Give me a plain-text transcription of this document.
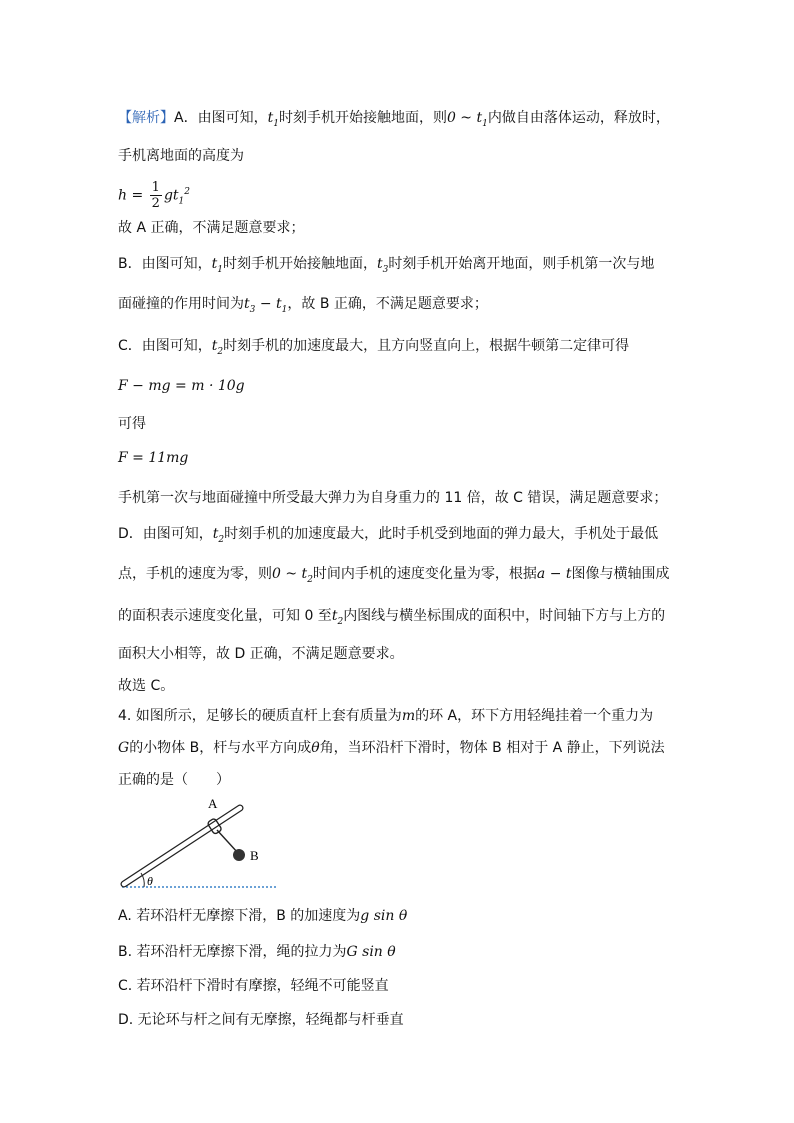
【解析】A．由图可知，$t_1$时刻手机开始接触地面，则0 ~ $t_1$内做自由落体运动，释放时，
手机离地面的高度为
$h = \frac{1}{2} gt_1^2$
故 A 正确，不满足题意要求；
B．由图可知，$t_1$时刻手机开始接触地面，$t_3$时刻手机开始离开地面，则手机第一次与地
面碰撞的作用时间为$t_3 - t_1$，故 B 正确，不满足题意要求；
C．由图可知，$t_2$时刻手机的加速度最大，且方向竖直向上，根据牛顿第二定律可得
F − mg = m · 10g
可得
F = 11mg
手机第一次与地面碰撞中所受最大弹力为自身重力的 11 倍，故 C 错误，满足题意要求；
D．由图可知，$t_2$时刻手机的加速度最大，此时手机受到地面的弹力最大，手机处于最低
点，手机的速度为零，则0 ~ $t_2$时间内手机的速度变化量为零，根据a − t图像与横轴围成
的面积表示速度变化量，可知 0 至$t_2$内图线与横坐标围成的面积中，时间轴下方与上方的
面积大小相等，故 D 正确，不满足题意要求。
故选 C。
4. 如图所示，足够长的硬质直杆上套有质量为m的环 A，环下方用轻绳挂着一个重力为
G的小物体 B，杆与水平方向成θ角，当环沿杆下滑时，物体 B 相对于 A 静止，下列说法
正确的是（　　）
A
B
θ
A. 若环沿杆无摩擦下滑，B 的加速度为g sin θ
B. 若环沿杆无摩擦下滑，绳的拉力为G sin θ
C. 若环沿杆下滑时有摩擦，轻绳不可能竖直
D. 无论环与杆之间有无摩擦，轻绳都与杆垂直
